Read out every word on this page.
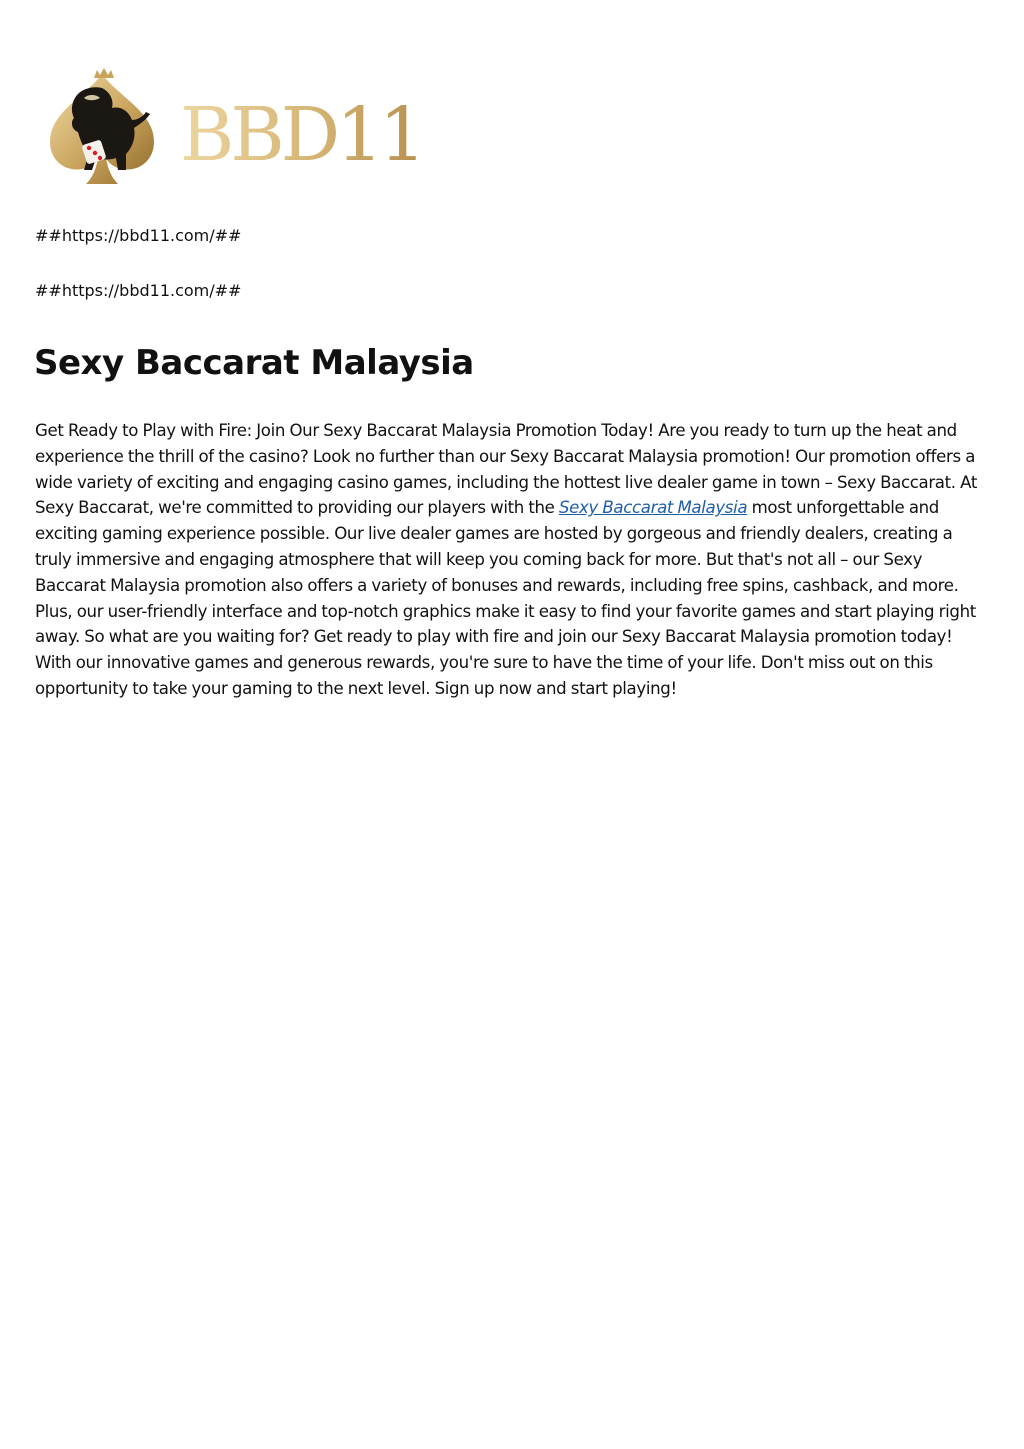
BBD11

##https://bbd11.com/##

##https://bbd11.com/##

Sexy Baccarat Malaysia

Get Ready to Play with Fire: Join Our Sexy Baccarat Malaysia Promotion Today! Are you ready to turn up the heat and experience the thrill of the casino? Look no further than our Sexy Baccarat Malaysia promotion! Our promotion offers a wide variety of exciting and engaging casino games, including the hottest live dealer game in town – Sexy Baccarat. At Sexy Baccarat, we're committed to providing our players with the Sexy Baccarat Malaysia most unforgettable and exciting gaming experience possible. Our live dealer games are hosted by gorgeous and friendly dealers, creating a truly immersive and engaging atmosphere that will keep you coming back for more. But that's not all – our Sexy Baccarat Malaysia promotion also offers a variety of bonuses and rewards, including free spins, cashback, and more. Plus, our user-friendly interface and top-notch graphics make it easy to find your favorite games and start playing right away. So what are you waiting for? Get ready to play with fire and join our Sexy Baccarat Malaysia promotion today! With our innovative games and generous rewards, you're sure to have the time of your life. Don't miss out on this opportunity to take your gaming to the next level. Sign up now and start playing!
